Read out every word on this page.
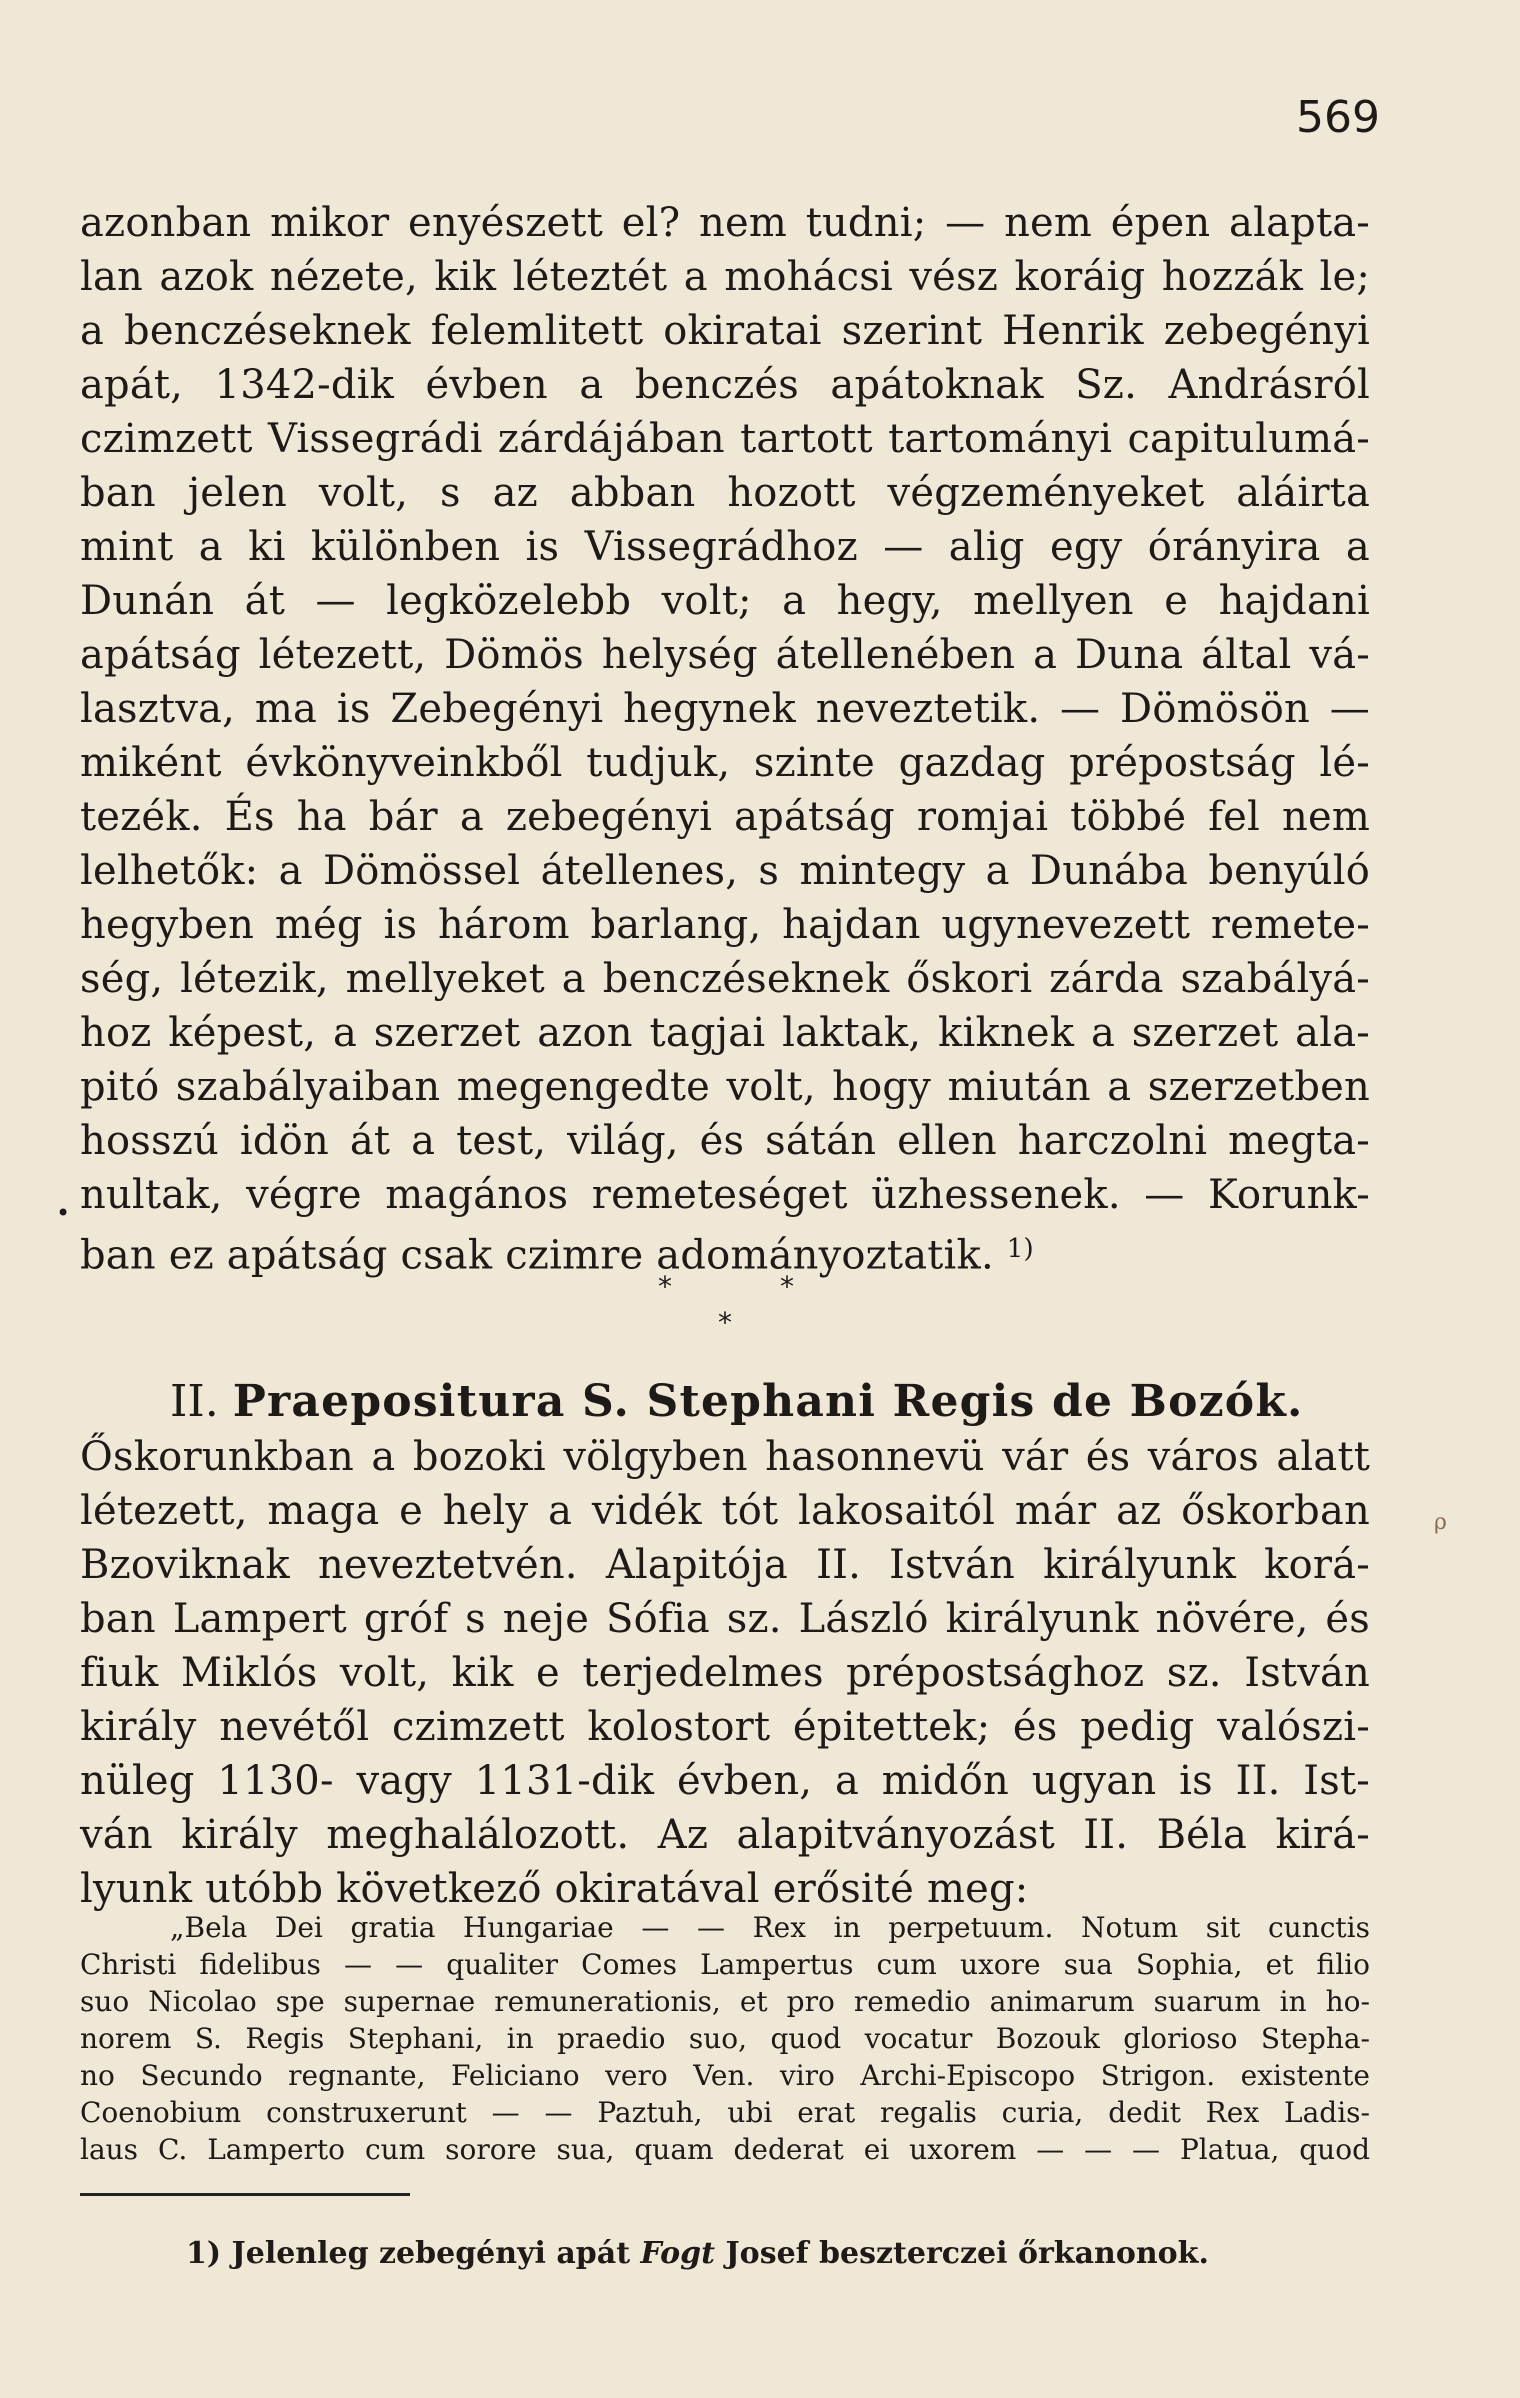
569
azonban mikor enyészett el? nem tudni; — nem épen alapta-
lan azok nézete, kik léteztét a mohácsi vész koráig hozzák le;
a benczéseknek felemlitett okiratai szerint Henrik zebegényi
apát, 1342-dik évben a benczés apátoknak Sz. Andrásról
czimzett Vissegrádi zárdájában tartott tartományi capitulumá-
ban jelen volt, s az abban hozott végzeményeket aláirta
mint a ki különben is Vissegrádhoz — alig egy órányira a
Dunán át — legközelebb volt; a hegy, mellyen e hajdani
apátság létezett, Dömös helység átellenében a Duna által vá-
lasztva, ma is Zebegényi hegynek neveztetik. — Dömösön —
miként évkönyveinkből tudjuk, szinte gazdag prépostság lé-
tezék. És ha bár a zebegényi apátság romjai többé fel nem
lelhetők: a Dömössel átellenes, s mintegy a Dunába benyúló
hegyben még is három barlang, hajdan ugynevezett remete-
ség, létezik, mellyeket a benczéseknek őskori zárda szabályá-
hoz képest, a szerzet azon tagjai laktak, kiknek a szerzet ala-
pitó szabályaiban megengedte volt, hogy miután a szerzetben
hosszú idön át a test, világ, és sátán ellen harczolni megta-
nultak, végre magános remeteséget üzhessenek. — Korunk-
ban ez apátság csak czimre adományoztatik. $^{1)}$
•
*	*
*
II. Praepositura S. Stephani Regis de Bozók.
Őskorunkban a bozoki völgyben hasonnevü vár és város alatt
létezett, maga e hely a vidék tót lakosaitól már az őskorban
Bzoviknak neveztetvén. Alapitója II. István királyunk korá-
ban Lampert gróf s neje Sófia sz. László királyunk növére, és
fiuk Miklós volt, kik e terjedelmes prépostsághoz sz. István
király nevétől czimzett kolostort épitettek; és pedig valószi-
nüleg 1130- vagy 1131-dik évben, a midőn ugyan is II. Ist-
ván király meghalálozott. Az alapitványozást II. Béla kirá-
lyunk utóbb következő okiratával erősité meg:
ρ
„Bela Dei gratia Hungariae — — Rex in perpetuum. Notum sit cunctis
Christi fidelibus — — qualiter Comes Lampertus cum uxore sua Sophia, et filio
suo Nicolao spe supernae remunerationis, et pro remedio animarum suarum in ho-
norem S. Regis Stephani, in praedio suo, quod vocatur Bozouk glorioso Stepha-
no Secundo regnante, Feliciano vero Ven. viro Archi-Episcopo Strigon. existente
Coenobium construxerunt — — Paztuh, ubi erat regalis curia, dedit Rex Ladis-
laus C. Lamperto cum sorore sua, quam dederat ei uxorem — — — Platua, quod
1) Jelenleg zebegényi apát Fogt Josef beszterczei őrkanonok.
